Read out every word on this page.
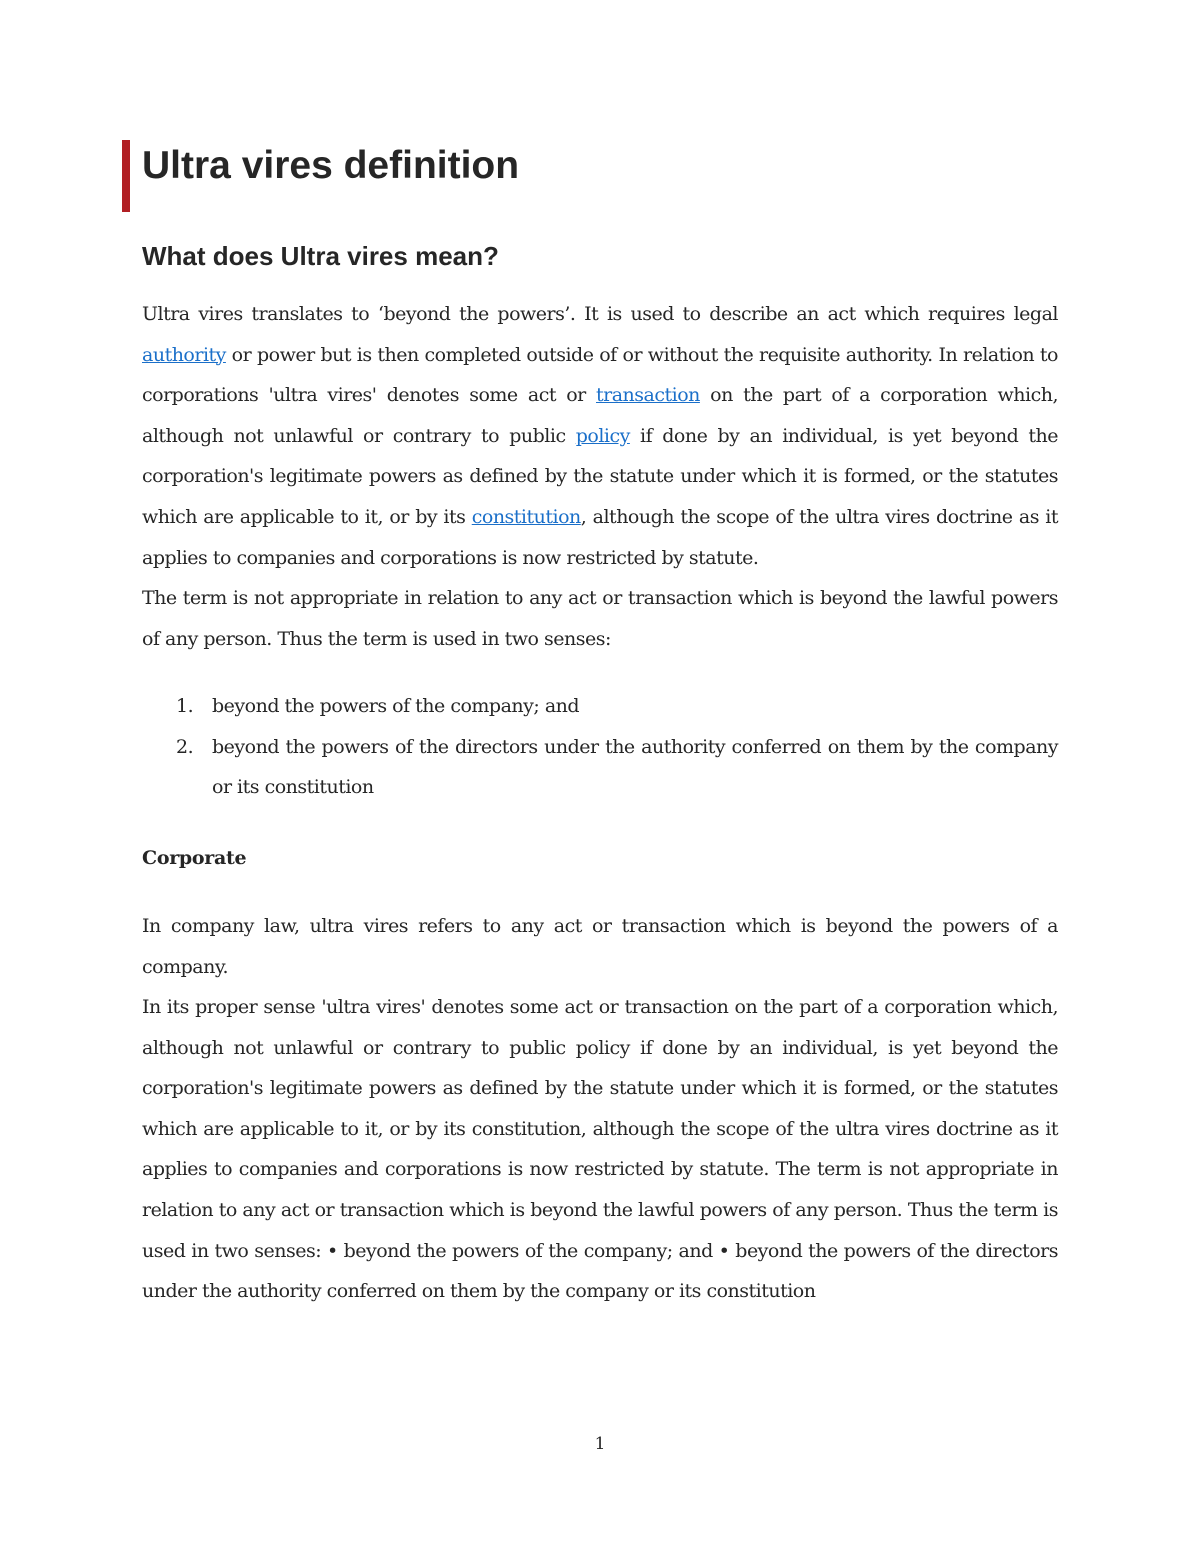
Ultra vires definition
What does Ultra vires mean?

Ultra vires translates to ‘beyond the powers’. It is used to describe an act which requires legal authority or power but is then completed outside of or without the requisite authority. In relation to corporations 'ultra vires' denotes some act or transaction on the part of a corporation which, although not unlawful or contrary to public policy if done by an individual, is yet beyond the corporation's legitimate powers as defined by the statute under which it is formed, or the statutes which are applicable to it, or by its constitution, although the scope of the ultra vires doctrine as it applies to companies and corporations is now restricted by statute.

The term is not appropriate in relation to any act or transaction which is beyond the lawful powers of any person. Thus the term is used in two senses:

1. beyond the powers of the company; and
2. beyond the powers of the directors under the authority conferred on them by the company or its constitution
Corporate

In company law, ultra vires refers to any act or transaction which is beyond the powers of a company.

In its proper sense 'ultra vires' denotes some act or transaction on the part of a corporation which, although not unlawful or contrary to public policy if done by an individual, is yet beyond the corporation's legitimate powers as defined by the statute under which it is formed, or the statutes which are applicable to it, or by its constitution, although the scope of the ultra vires doctrine as it applies to companies and corporations is now restricted by statute. The term is not appropriate in relation to any act or transaction which is beyond the lawful powers of any person. Thus the term is used in two senses: • beyond the powers of the company; and • beyond the powers of the directors under the authority conferred on them by the company or its constitution

1
